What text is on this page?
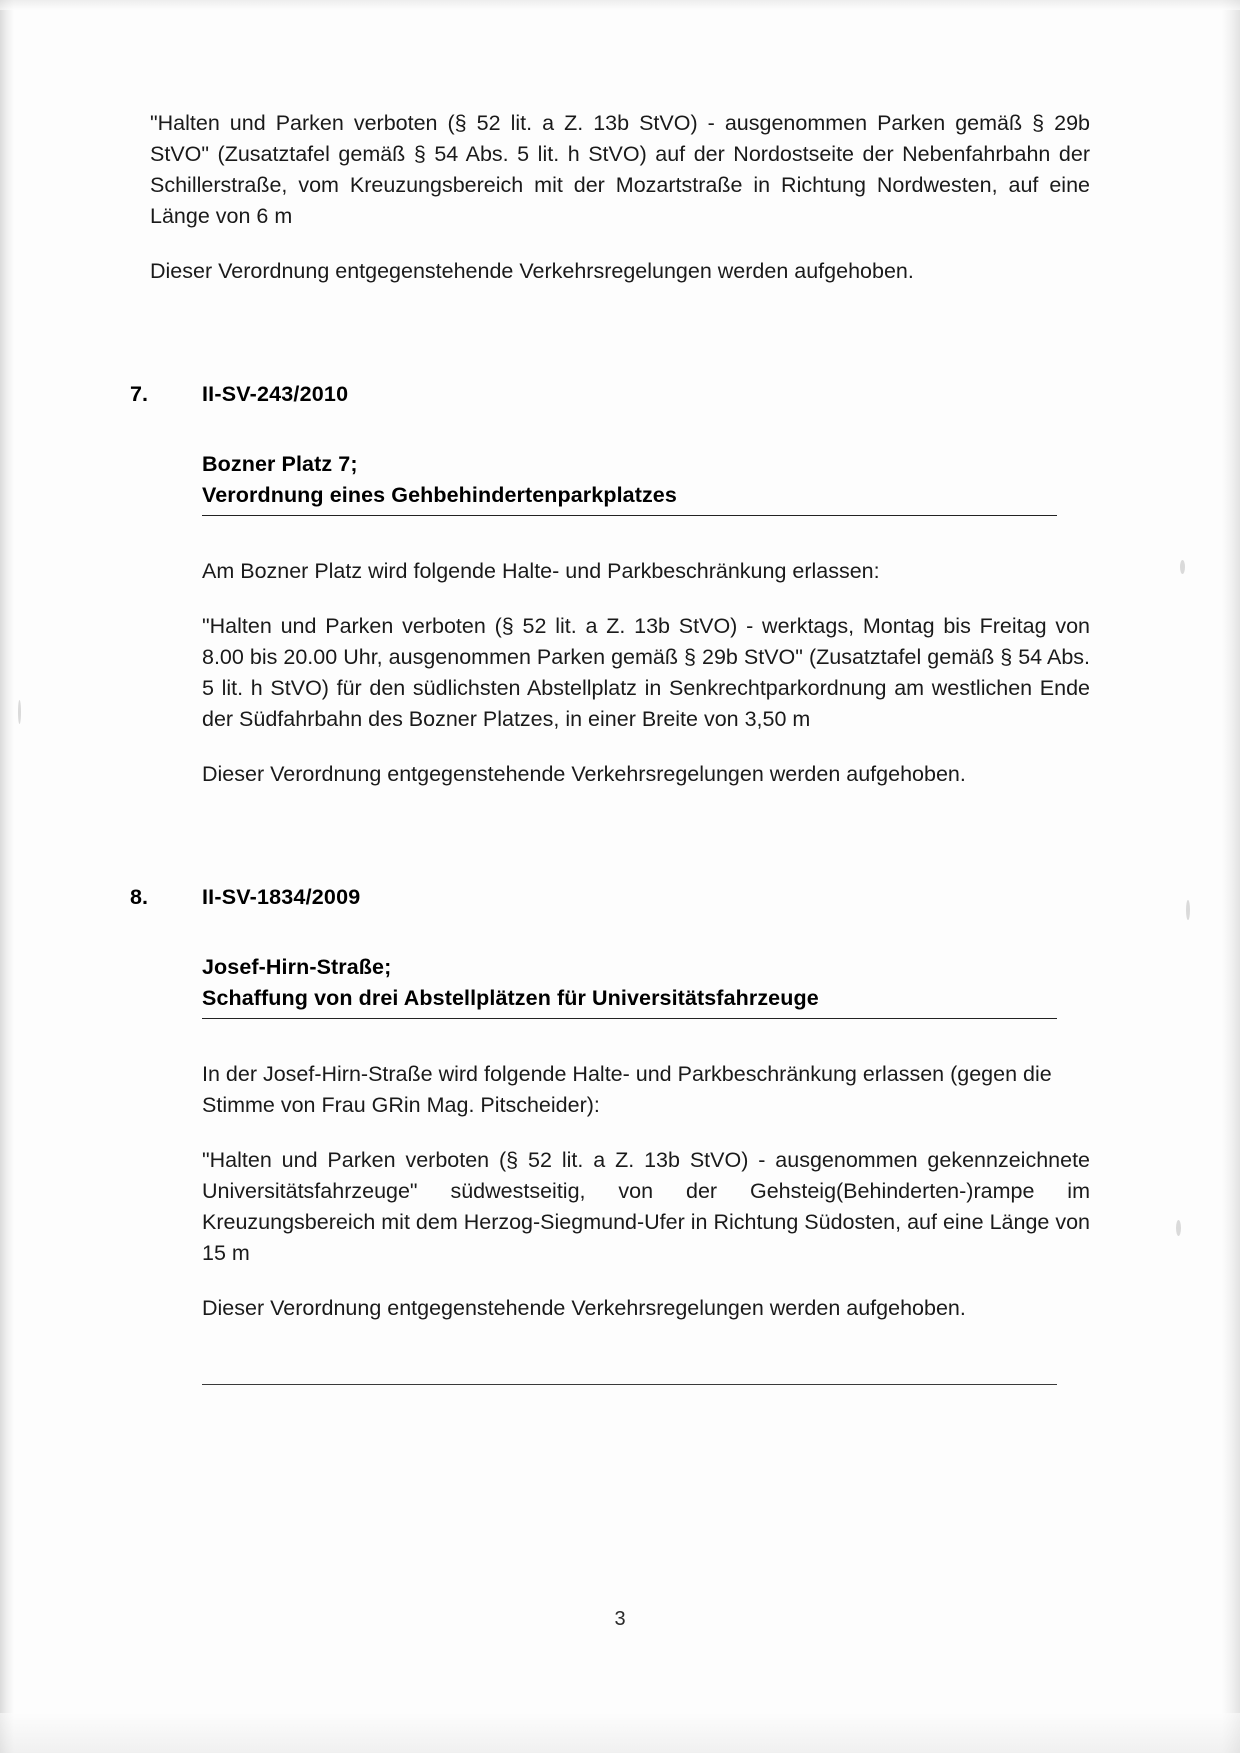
"Halten und Parken verboten (§ 52 lit. a Z. 13b StVO) - ausgenommen Parken gemäß § 29b StVO" (Zusatztafel gemäß § 54 Abs. 5 lit. h StVO) auf der Nordostseite der Nebenfahrbahn der Schillerstraße, vom Kreuzungsbereich mit der Mozartstraße in Richtung Nordwesten, auf eine Länge von 6 m

Dieser Verordnung entgegenstehende Verkehrsregelungen werden aufgehoben.

7.	II-SV-243/2010
Bozner Platz 7;
Verordnung eines Gehbehindertenparkplatzes

Am Bozner Platz wird folgende Halte- und Parkbeschränkung erlassen:

"Halten und Parken verboten (§ 52 lit. a Z. 13b StVO) - werktags, Montag bis Freitag von 8.00 bis 20.00 Uhr, ausgenommen Parken gemäß § 29b StVO" (Zusatztafel gemäß § 54 Abs. 5 lit. h StVO) für den südlichsten Abstellplatz in Senkrechtparkordnung am westlichen Ende der Südfahrbahn des Bozner Platzes, in einer Breite von 3,50 m

Dieser Verordnung entgegenstehende Verkehrsregelungen werden aufgehoben.

8.	II-SV-1834/2009
Josef-Hirn-Straße;
Schaffung von drei Abstellplätzen für Universitätsfahrzeuge

In der Josef-Hirn-Straße wird folgende Halte- und Parkbeschränkung erlassen (gegen die Stimme von Frau GRin Mag. Pitscheider):

"Halten und Parken verboten (§ 52 lit. a Z. 13b StVO) - ausgenommen gekennzeichnete Universitätsfahrzeuge" südwestseitig, von der Gehsteig(Behinderten-)rampe im Kreuzungsbereich mit dem Herzog-Siegmund-Ufer in Richtung Südosten, auf eine Länge von 15 m

Dieser Verordnung entgegenstehende Verkehrsregelungen werden aufgehoben.

3
